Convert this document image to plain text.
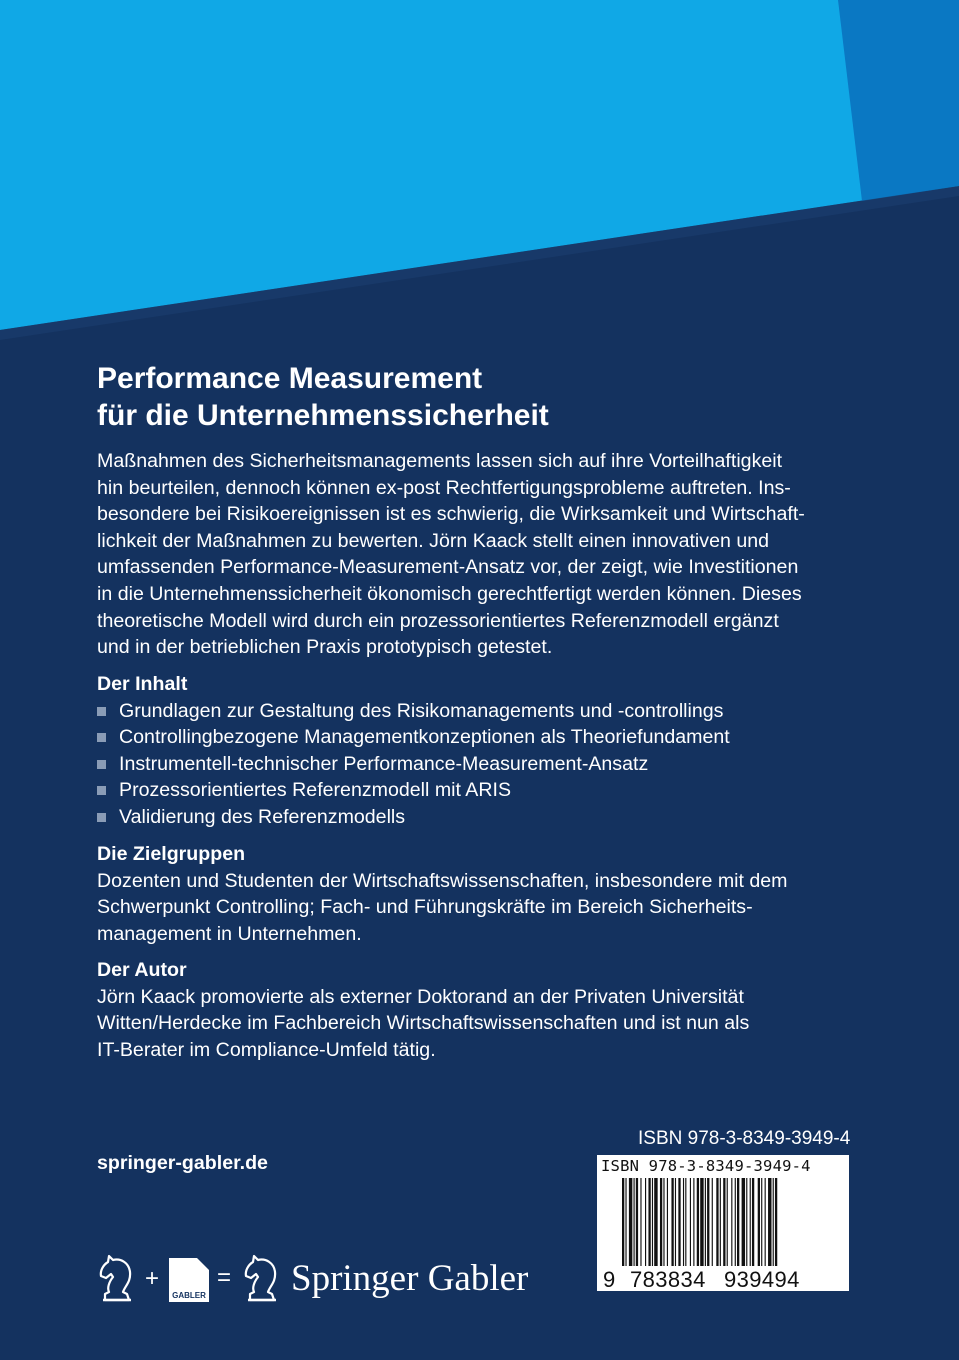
Performance Measurement
für die Unternehmenssicherheit
Maßnahmen des Sicherheitsmanagements lassen sich auf ihre Vorteilhaftigkeit
hin beurteilen, dennoch können ex-post Rechtfertigungsprobleme auftreten. Ins-
besondere bei Risikoereignissen ist es schwierig, die Wirksamkeit und Wirtschaft-
lichkeit der Maßnahmen zu bewerten. Jörn Kaack stellt einen innovativen und
umfassenden Performance-Measurement-Ansatz vor, der zeigt, wie Investitionen
in die Unternehmenssicherheit ökonomisch gerechtfertigt werden können. Dieses
theoretische Modell wird durch ein prozessorientiertes Referenzmodell ergänzt
und in der betrieblichen Praxis prototypisch getestet.
Der Inhalt
Grundlagen zur Gestaltung des Risikomanagements und -controllings
Controllingbezogene Managementkonzeptionen als Theoriefundament
Instrumentell-technischer Performance-Measurement-Ansatz
Prozessorientiertes Referenzmodell mit ARIS
Validierung des Referenzmodells
Die Zielgruppen
Dozenten und Studenten der Wirtschaftswissenschaften, insbesondere mit dem
Schwerpunkt Controlling; Fach- und Führungskräfte im Bereich Sicherheits-
management in Unternehmen.
Der Autor
Jörn Kaack promovierte als externer Doktorand an der Privaten Universität
Witten/Herdecke im Fachbereich Wirtschaftswissenschaften und ist nun als
IT-Berater im Compliance-Umfeld tätig.
springer-gabler.de
ISBN 978-3-8349-3949-4
ISBN 978-3-8349-3949-4
9 783834 939494
+
GABLER
= Springer Gabler
